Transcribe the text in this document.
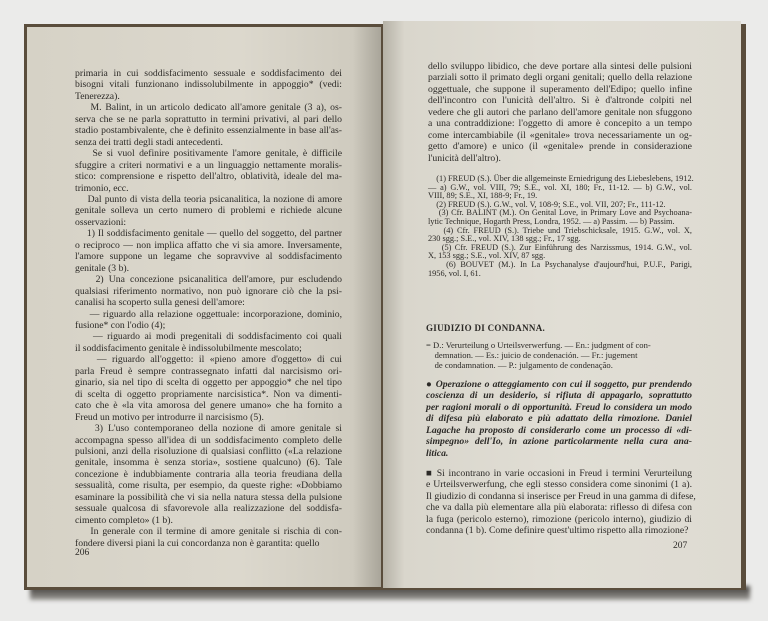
primaria in cui soddisfacimento sessuale e soddisfacimento dei
bisogni vitali funzionano indissolubilmente in appoggio* (vedi:
Tenerezza).
M. Balint, in un articolo dedicato all'amore genitale (3 a), os-
serva che se ne parla soprattutto in termini privativi, al pari dello
stadio postambivalente, che è definito essenzialmente in base all'as-
senza dei tratti degli stadi antecedenti.
Se si vuol definire positivamente l'amore genitale, è difficile
sfuggire a criteri normativi e a un linguaggio nettamente moralis-
stico: comprensione e rispetto dell'altro, oblatività, ideale del ma-
trimonio, ecc.
Dal punto di vista della teoria psicanalitica, la nozione di amore
genitale solleva un certo numero di problemi e richiede alcune
osservazioni:
1) Il soddisfacimento genitale — quello del soggetto, del partner
o reciproco — non implica affatto che vi sia amore. Inversamente,
l'amore suppone un legame che sopravvive al soddisfacimento
genitale (3 b).
2) Una concezione psicanalitica dell'amore, pur escludendo
qualsiasi riferimento normativo, non può ignorare ciò che la psi-
canalisi ha scoperto sulla genesi dell'amore:
— riguardo alla relazione oggettuale: incorporazione, dominio,
fusione* con l'odio (4);
— riguardo ai modi pregenitali di soddisfacimento coi quali
il soddisfacimento genitale è indissolubilmente mescolato;
— riguardo all'oggetto: il «pieno amore d'oggetto» di cui
parla Freud è sempre contrassegnato infatti dal narcisismo ori-
ginario, sia nel tipo di scelta di oggetto per appoggio* che nel tipo
di scelta di oggetto propriamente narcisistica*. Non va dimenti-
cato che è «la vita amorosa del genere umano» che ha fornito a
Freud un motivo per introdurre il narcisismo (5).
3) L'uso contemporaneo della nozione di amore genitale si
accompagna spesso all'idea di un soddisfacimento completo delle
pulsioni, anzi della risoluzione di qualsiasi conflitto («La relazione
genitale, insomma è senza storia», sostiene qualcuno) (6). Tale
concezione è indubbiamente contraria alla teoria freudiana della
sessualità, come risulta, per esempio, da queste righe: «Dobbiamo
esaminare la possibilità che vi sia nella natura stessa della pulsione
sessuale qualcosa di sfavorevole alla realizzazione del soddisfa-
cimento completo» (1 b).
In generale con il termine di amore genitale si rischia di con-
fondere diversi piani la cui concordanza non è garantita: quello
206
dello sviluppo libidico, che deve portare alla sintesi delle pulsioni
parziali sotto il primato degli organi genitali; quello della relazione
oggettuale, che suppone il superamento dell'Edipo; quello infine
dell'incontro con l'unicità dell'altro. Si è d'altronde colpiti nel
vedere che gli autori che parlano dell'amore genitale non sfuggono
a una contraddizione: l'oggetto di amore è concepito a un tempo
come intercambiabile (il «genitale» trova necessariamente un og-
getto d'amore) e unico (il «genitale» prende in considerazione
l'unicità dell'altro).
(1) FREUD (S.). Über die allgemeinste Erniedrigung des Liebeslebens, 1912.
— a) G.W., vol. VIII, 79; S.E., vol. XI, 180; Fr., 11-12. — b) G.W., vol.
VIII, 89; S.E., XI, 188-9; Fr., 19.
(2) FREUD (S.). G.W., vol. V, 108-9; S.E., vol. VII, 207; Fr., 111-12.
(3) Cfr. BALINT (M.). On Genital Love, in Primary Love and Psychoana-
lytic Technique, Hogarth Press, Londra, 1952. — a) Passim. — b) Passim.
(4) Cfr. FREUD (S.). Triebe und Triebschicksale, 1915. G.W., vol. X,
230 sgg.; S.E., vol. XIV, 138 sgg.; Fr., 17 sgg.
(5) Cfr. FREUD (S.). Zur Einführung des Narzissmus, 1914. G.W., vol.
X, 153 sgg.; S.E., vol. XIV, 87 sgg.
(6) BOUVET (M.). In La Psychanalyse d'aujourd'hui, P.U.F., Parigi,
1956, vol. I, 61.
GIUDIZIO DI CONDANNA.
= D.: Verurteilung o Urteilsverwerfung. — En.: judgment of con-
demnation. — Es.: juicio de condenación. — Fr.: jugement
de condamnation. — P.: julgamento de condenação.
● Operazione o atteggiamento con cui il soggetto, pur prendendo
coscienza di un desiderio, si rifiuta di appagarlo, soprattutto
per ragioni morali o di opportunità. Freud lo considera un modo
di difesa più elaborato e più adattato della rimozione. Daniel
Lagache ha proposto di considerarlo come un processo di «di-
simpegno» dell'Io, in azione particolarmente nella cura ana-
litica.
■ Si incontrano in varie occasioni in Freud i termini Verurteilung
e Urteilsverwerfung, che egli stesso considera come sinonimi (1 a).
Il giudizio di condanna si inserisce per Freud in una gamma di difese,
che va dalla più elementare alla più elaborata: riflesso di difesa con
la fuga (pericolo esterno), rimozione (pericolo interno), giudizio di
condanna (1 b). Come definire quest'ultimo rispetto alla rimozione?
207
